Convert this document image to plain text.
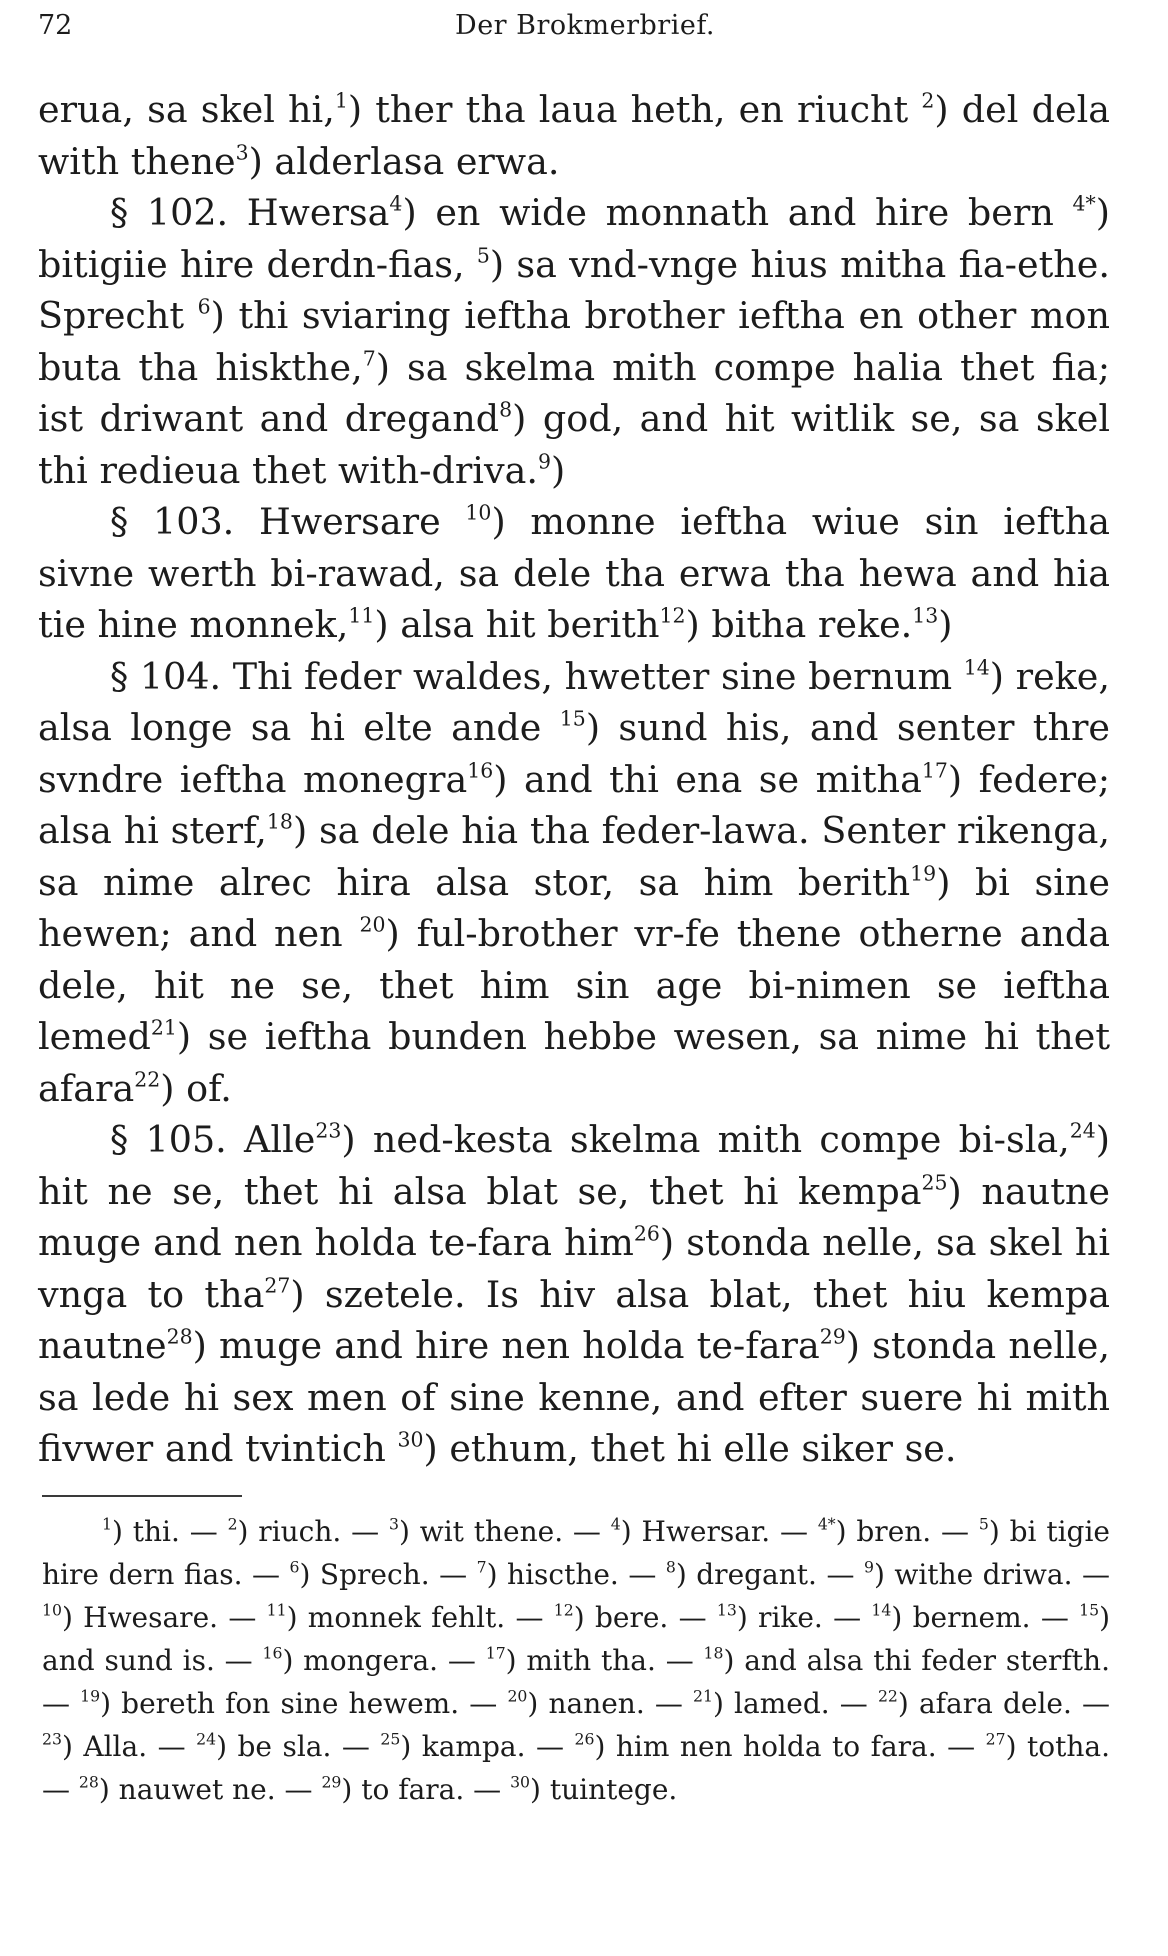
72	Der Brokmerbrief.

erua, sa skel hi,$^1$) ther tha laua heth, en riucht $^2$) del dela with thene$^3$) alderlasa erwa.

§ 102. Hwersa$^4$) en wide monnath and hire bern $^{4*}$) bitigiie hire derdn-fias, $^5$) sa vnd-vnge hius mitha fia-ethe. Sprecht $^6$) thi sviaring ieftha brother ieftha en other mon buta tha hiskthe,$^7$) sa skelma mith compe halia thet fia; ist driwant and dregand$^8$) god, and hit witlik se, sa skel thi redieua thet with-driva.$^9$)

§ 103. Hwersare $^{10}$) monne ieftha wiue sin ieftha sivne werth bi-rawad, sa dele tha erwa tha hewa and hia tie hine monnek,$^{11}$) alsa hit berith$^{12}$) bitha reke.$^{13}$)

§ 104. Thi feder waldes, hwetter sine bernum $^{14}$) reke, alsa longe sa hi elte ande $^{15}$) sund his, and senter thre svndre ieftha monegra$^{16}$) and thi ena se mitha$^{17}$) federe; alsa hi sterf,$^{18}$) sa dele hia tha feder-lawa. Senter rikenga, sa nime alrec hira alsa stor, sa him berith$^{19}$) bi sine hewen; and nen $^{20}$) ful-brother vr-fe thene otherne anda dele, hit ne se, thet him sin age bi-nimen se ieftha lemed$^{21}$) se ieftha bunden hebbe wesen, sa nime hi thet afara$^{22}$) of.

§ 105. Alle$^{23}$) ned-kesta skelma mith compe bi-sla,$^{24}$) hit ne se, thet hi alsa blat se, thet hi kempa$^{25}$) nautne muge and nen holda te-fara him$^{26}$) stonda nelle, sa skel hi vnga to tha$^{27}$) szetele. Is hiv alsa blat, thet hiu kempa nautne$^{28}$) muge and hire nen holda te-fara$^{29}$) stonda nelle, sa lede hi sex men of sine kenne, and efter suere hi mith fivwer and tvintich $^{30}$) ethum, thet hi elle siker se.

$^1$) thi. — $^2$) riuch. — $^3$) wit thene. — $^4$) Hwersar. — $^{4*}$) bren. — $^5$) bi tigie hire dern fias. — $^6$) Sprech. — $^7$) hiscthe. — $^8$) dregant. — $^9$) withe driwa. — $^{10}$) Hwesare. — $^{11}$) monnek fehlt. — $^{12}$) bere. — $^{13}$) rike. — $^{14}$) bernem. — $^{15}$) and sund is. — $^{16}$) mongera. — $^{17}$) mith tha. — $^{18}$) and alsa thi feder sterfth. — $^{19}$) bereth fon sine hewem. — $^{20}$) nanen. — $^{21}$) lamed. — $^{22}$) afara dele. — $^{23}$) Alla. — $^{24}$) be sla. — $^{25}$) kampa. — $^{26}$) him nen holda to fara. — $^{27}$) totha. — $^{28}$) nauwet ne. — $^{29}$) to fara. — $^{30}$) tuintege.
